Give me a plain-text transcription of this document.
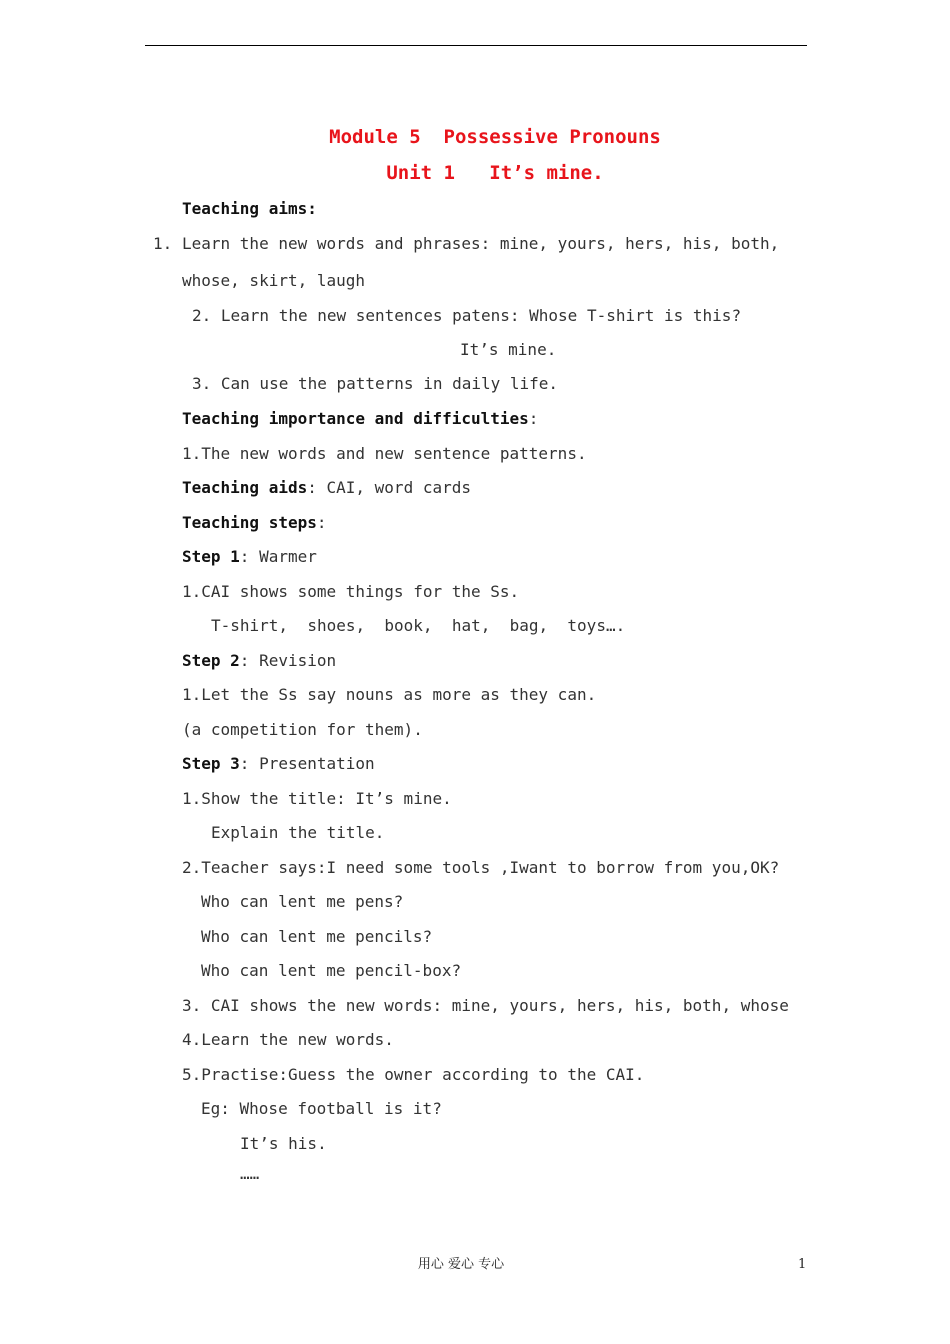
Module 5  Possessive Pronouns
Unit 1   It’s mine.
Teaching aims:
1. Learn the new words and phrases: mine, yours, hers, his, both,
whose, skirt, laugh
2. Learn the new sentences patens: Whose T-shirt is this?
It’s mine.
3. Can use the patterns in daily life.
Teaching importance and difficulties:
1.The new words and new sentence patterns.
Teaching aids: CAI, word cards
Teaching steps:
Step 1: Warmer
1.CAI shows some things for the Ss.
T-shirt,  shoes,  book,  hat,  bag,  toys….
Step 2: Revision
1.Let the Ss say nouns as more as they can.
(a competition for them).
Step 3: Presentation
1.Show the title: It’s mine.
Explain the title.
2.Teacher says:I need some tools ,Iwant to borrow from you,OK?
Who can lent me pens?
Who can lent me pencils?
Who can lent me pencil-box?
3. CAI shows the new words: mine, yours, hers, his, both, whose
4.Learn the new words.
5.Practise:Guess the owner according to the CAI.
Eg: Whose football is it?
It’s his.
……
用心 爱心 专心	1
